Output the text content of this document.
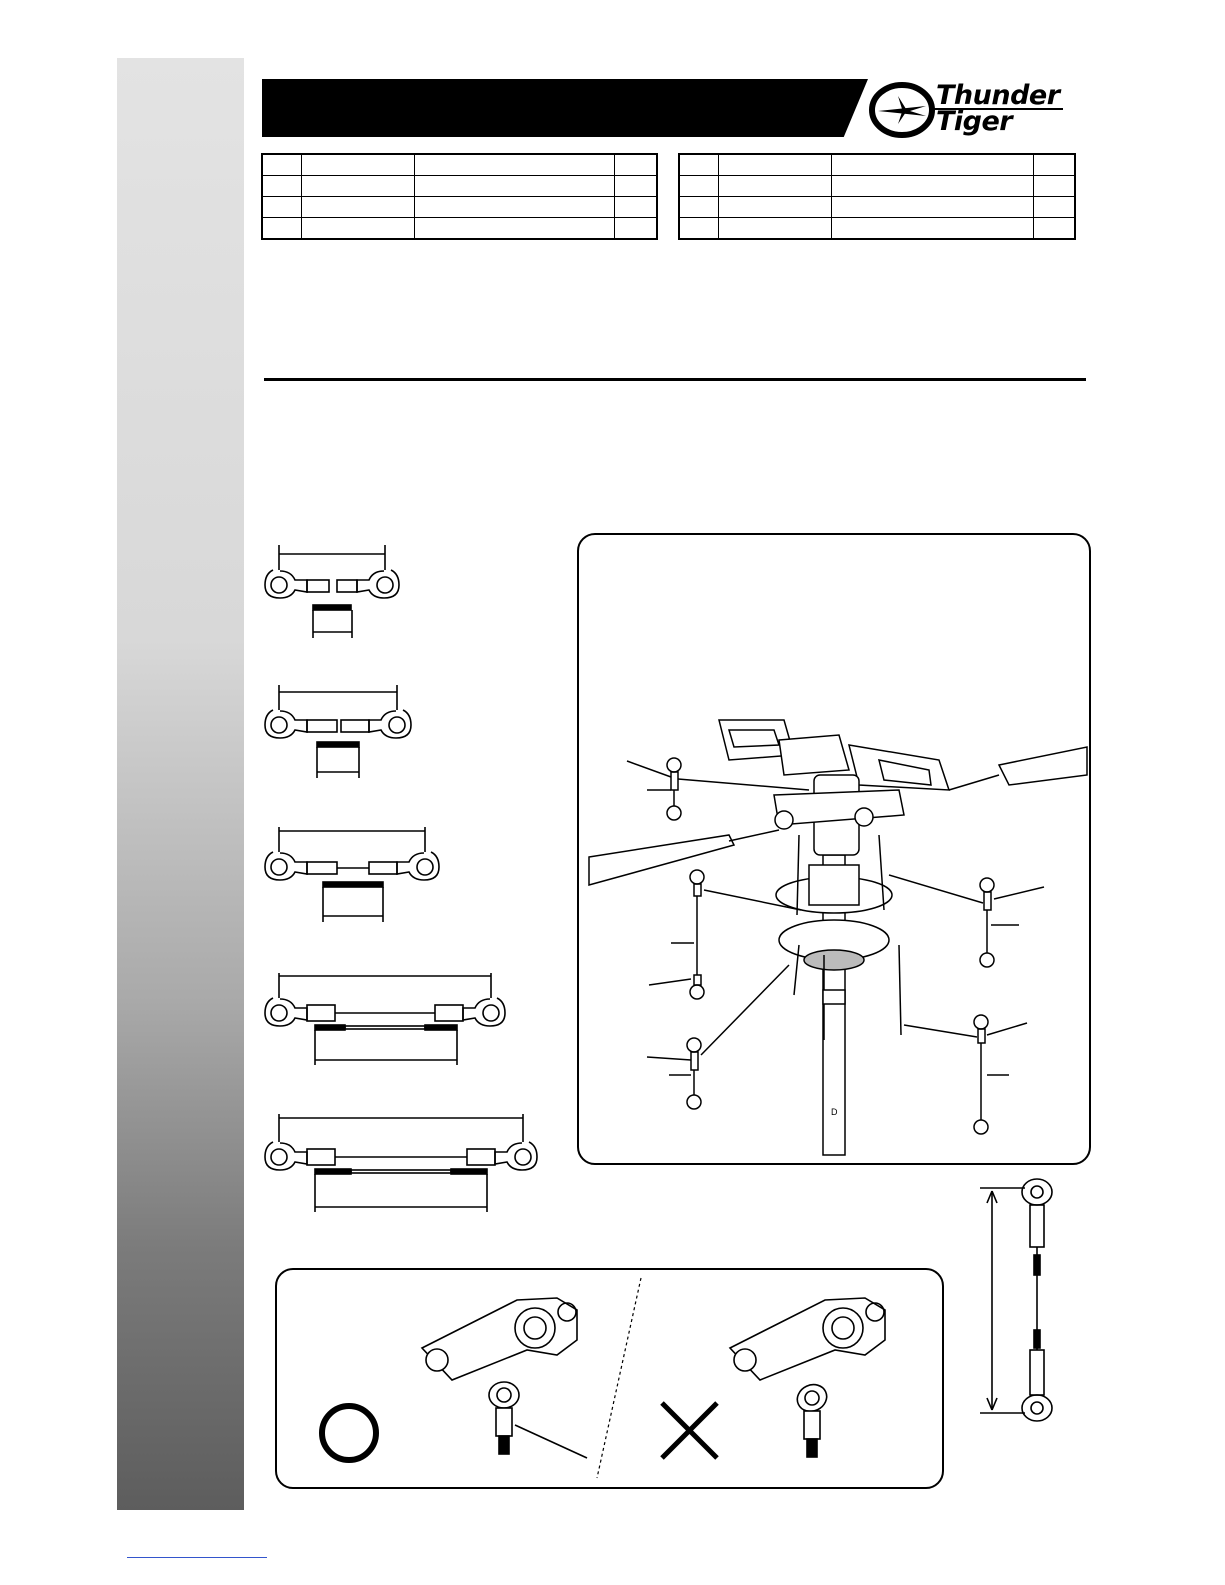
Thunder
Tiger

D
